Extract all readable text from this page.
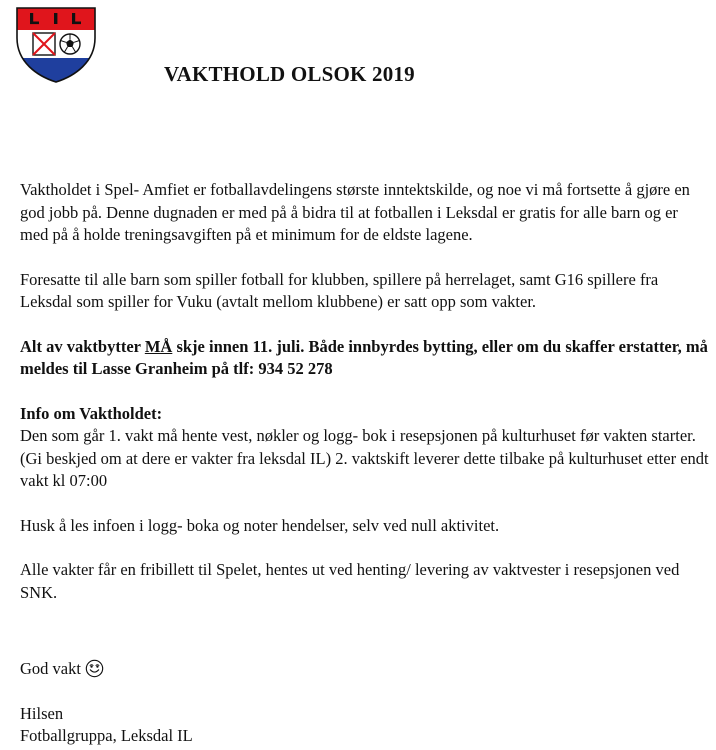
VAKTHOLD OLSOK 2019

Vaktholdet i Spel- Amfiet er fotballavdelingens største inntektskilde, og noe vi må fortsette å gjøre en god jobb på. Denne dugnaden er med på å bidra til at fotballen i Leksdal er gratis for alle barn og er med på å holde treningsavgiften på et minimum for de eldste lagene.

Foresatte til alle barn som spiller fotball for klubben, spillere på herrelaget, samt G16 spillere fra Leksdal som spiller for Vuku (avtalt mellom klubbene) er satt opp som vakter.

Alt av vaktbytter MÅ skje innen 11. juli. Både innbyrdes bytting, eller om du skaffer erstatter, må meldes til Lasse Granheim på tlf: 934 52 278

Info om Vaktholdet:

Den som går 1. vakt må hente vest, nøkler og logg- bok i resepsjonen på kulturhuset før vakten starter. (Gi beskjed om at dere er vakter fra leksdal IL) 2. vaktskift leverer dette tilbake på kulturhuset etter endt vakt kl 07:00

Husk å les infoen i logg- boka og noter hendelser, selv ved null aktivitet.

Alle vakter får en fribillett til Spelet, hentes ut ved henting/ levering av vaktvester i resepsjonen ved SNK.

God vakt

Hilsen

Fotballgruppa, Leksdal IL
